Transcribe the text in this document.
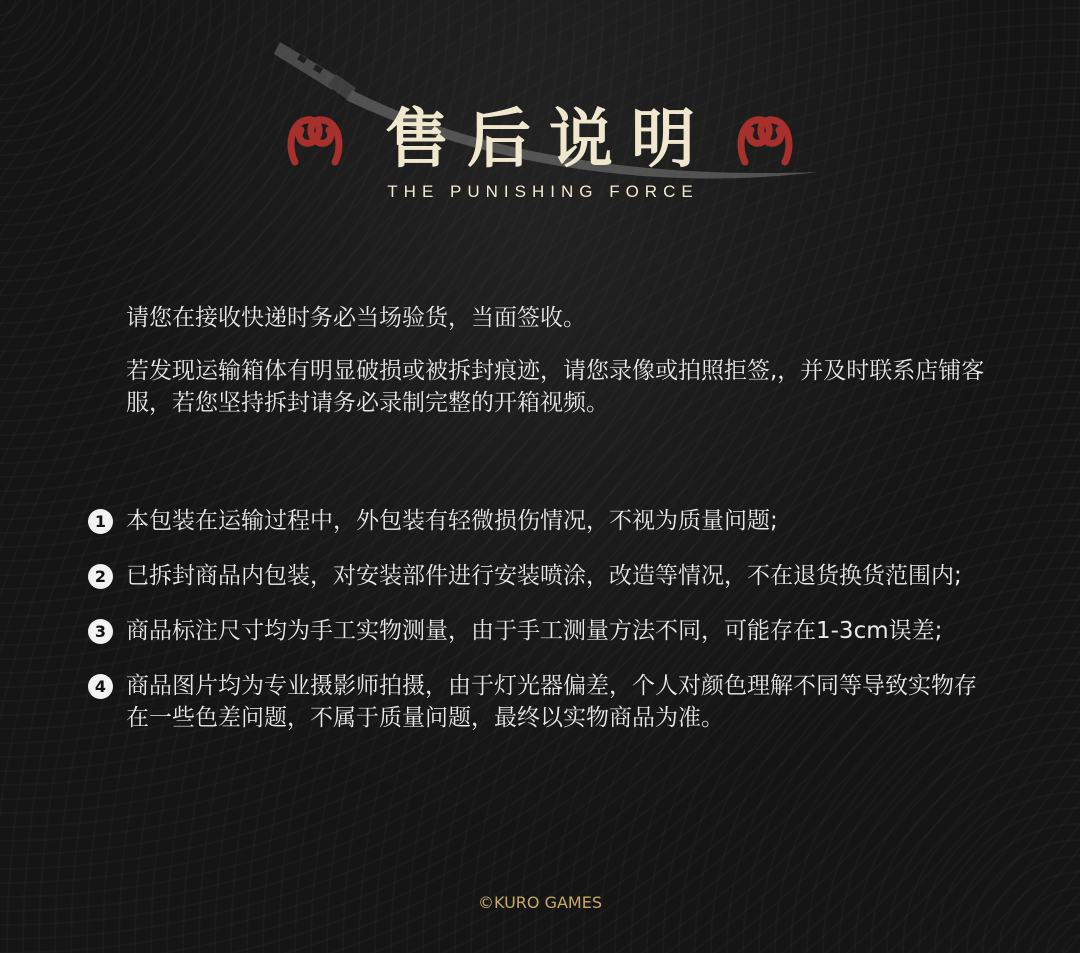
售后说明
THE PUNISHING FORCE

请您在接收快递时务必当场验货，当面签收。

若发现运输箱体有明显破损或被拆封痕迹，请您录像或拍照拒签,，并及时联系店铺客服，若您坚持拆封请务必录制完整的开箱视频。

1 本包装在运输过程中，外包装有轻微损伤情况，不视为质量问题;
2 已拆封商品内包装，对安装部件进行安装喷涂，改造等情况，不在退货换货范围内;
3 商品标注尺寸均为手工实物测量，由于手工测量方法不同，可能存在1-3cm误差;
4 商品图片均为专业摄影师拍摄，由于灯光器偏差，个人对颜色理解不同等导致实物存在一些色差问题，不属于质量问题，最终以实物商品为准。
©KURO GAMES
